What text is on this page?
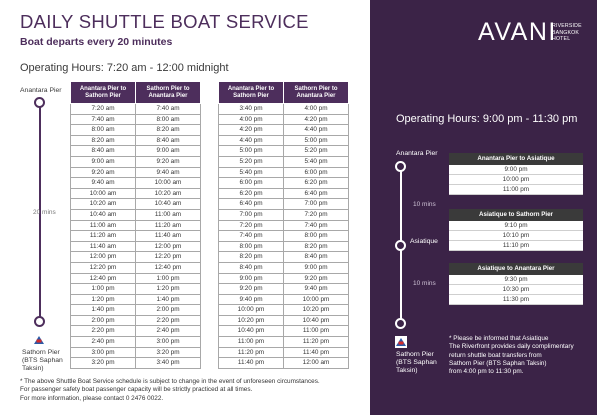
DAILY SHUTTLE BOAT SERVICE
Boat departs every 20 minutes
Operating Hours: 7:20 am - 12:00 midnight
Anantara Pier
20 mins
Sathorn Pier
(BTS Saphan
Taksin)
Anantara Pier to Sathorn Pier	Sathorn Pier to Anantara Pier
7:20 am	7:40 am
7:40 am	8:00 am
8:00 am	8:20 am
8:20 am	8:40 am
8:40 am	9:00 am
9:00 am	9:20 am
9:20 am	9:40 am
9:40 am	10:00 am
10:00 am	10:20 am
10:20 am	10:40 am
10:40 am	11:00 am
11:00 am	11:20 am
11:20 am	11:40 am
11:40 am	12:00 pm
12:00 pm	12:20 pm
12:20 pm	12:40 pm
12:40 pm	1:00 pm
1:00 pm	1:20 pm
1:20 pm	1:40 pm
1:40 pm	2:00 pm
2:00 pm	2:20 pm
2:20 pm	2:40 pm
2:40 pm	3:00 pm
3:00 pm	3:20 pm
3:20 pm	3:40 pm
Anantara Pier to Sathorn Pier	Sathorn Pier to Anantara Pier
3:40 pm	4:00 pm
4:00 pm	4:20 pm
4:20 pm	4:40 pm
4:40 pm	5:00 pm
5:00 pm	5:20 pm
5:20 pm	5:40 pm
5:40 pm	6:00 pm
6:00 pm	6:20 pm
6:20 pm	6:40 pm
6:40 pm	7:00 pm
7:00 pm	7:20 pm
7:20 pm	7:40 pm
7:40 pm	8:00 pm
8:00 pm	8:20 pm
8:20 pm	8:40 pm
8:40 pm	9:00 pm
9:00 pm	9:20 pm
9:20 pm	9:40 pm
9:40 pm	10:00 pm
10:00 pm	10:20 pm
10:20 pm	10:40 pm
10:40 pm	11:00 pm
11:00 pm	11:20 pm
11:20 pm	11:40 pm
11:40 pm	12:00 am
* The above Shuttle Boat Service schedule is subject to change in the event of unforeseen circumstances.
For passenger safety boat passenger capacity will be strictly practiced at all times.
For more information, please contact 0 2476 0022.
AVANI
RIVERSIDE
BANGKOK
HOTEL
Operating Hours: 9:00 pm - 11:30 pm
Anantara Pier
10 mins
Asiatique
10 mins
Sathorn Pier
(BTS Saphan
Taksin)
Anantara Pier to Asiatique
9:00 pm
10:00 pm
11:00 pm
Asiatique to Sathorn Pier
9:10 pm
10:10 pm
11:10 pm
Asiatique to Anantara Pier
9:30 pm
10:30 pm
11:30 pm
* Please be informed that Asiatique
The Riverfront provides daily complimentary
return shuttle boat transfers from
Sathorn Pier (BTS Saphan Taksin)
from 4:00 pm to 11:30 pm.
